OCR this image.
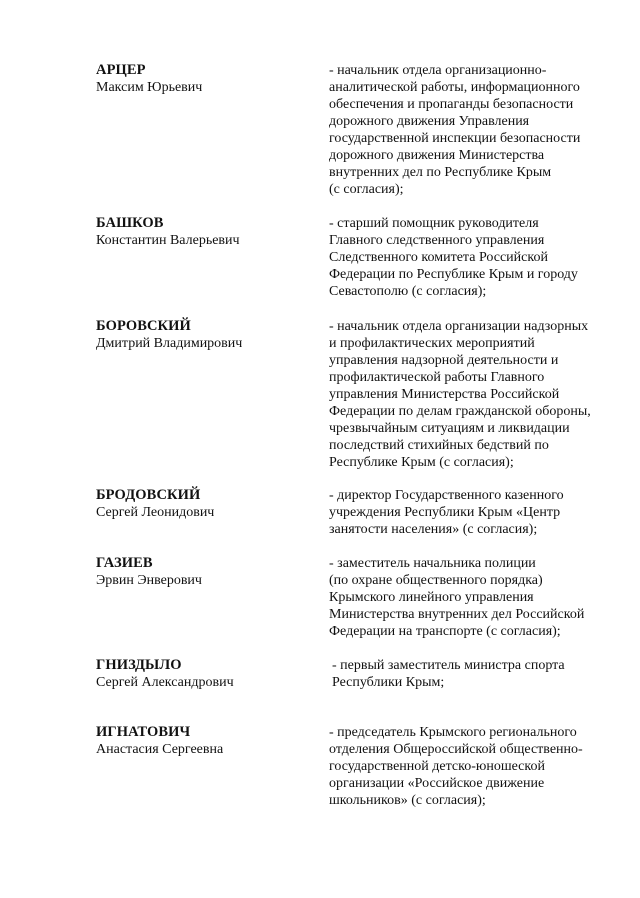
АРЦЕР
Максим Юрьевич
- начальник отдела организационно-
аналитической работы, информационного
обеспечения и пропаганды безопасности
дорожного движения Управления
государственной инспекции безопасности
дорожного движения Министерства
внутренних дел по Республике Крым
(с согласия);
БАШКОВ
Константин Валерьевич
- старший помощник руководителя
Главного следственного управления
Следственного комитета Российской
Федерации по Республике Крым и городу
Севастополю (с согласия);
БОРОВСКИЙ
Дмитрий Владимирович
- начальник отдела организации надзорных
и профилактических мероприятий
управления надзорной деятельности и
профилактической работы Главного
управления Министерства Российской
Федерации по делам гражданской обороны,
чрезвычайным ситуациям и ликвидации
последствий стихийных бедствий по
Республике Крым (с согласия);
БРОДОВСКИЙ
Сергей Леонидович
- директор Государственного казенного
учреждения Республики Крым «Центр
занятости населения» (с согласия);
ГАЗИЕВ
Эрвин Энверович
- заместитель начальника полиции
(по охране общественного порядка)
Крымского линейного управления
Министерства внутренних дел Российской
Федерации на транспорте (с согласия);
ГНИЗДЫЛО
Сергей Александрович
- первый заместитель министра спорта
Республики Крым;
ИГНАТОВИЧ
Анастасия Сергеевна
- председатель Крымского регионального
отделения Общероссийской общественно-
государственной детско-юношеской
организации «Российское движение
школьников» (с согласия);
